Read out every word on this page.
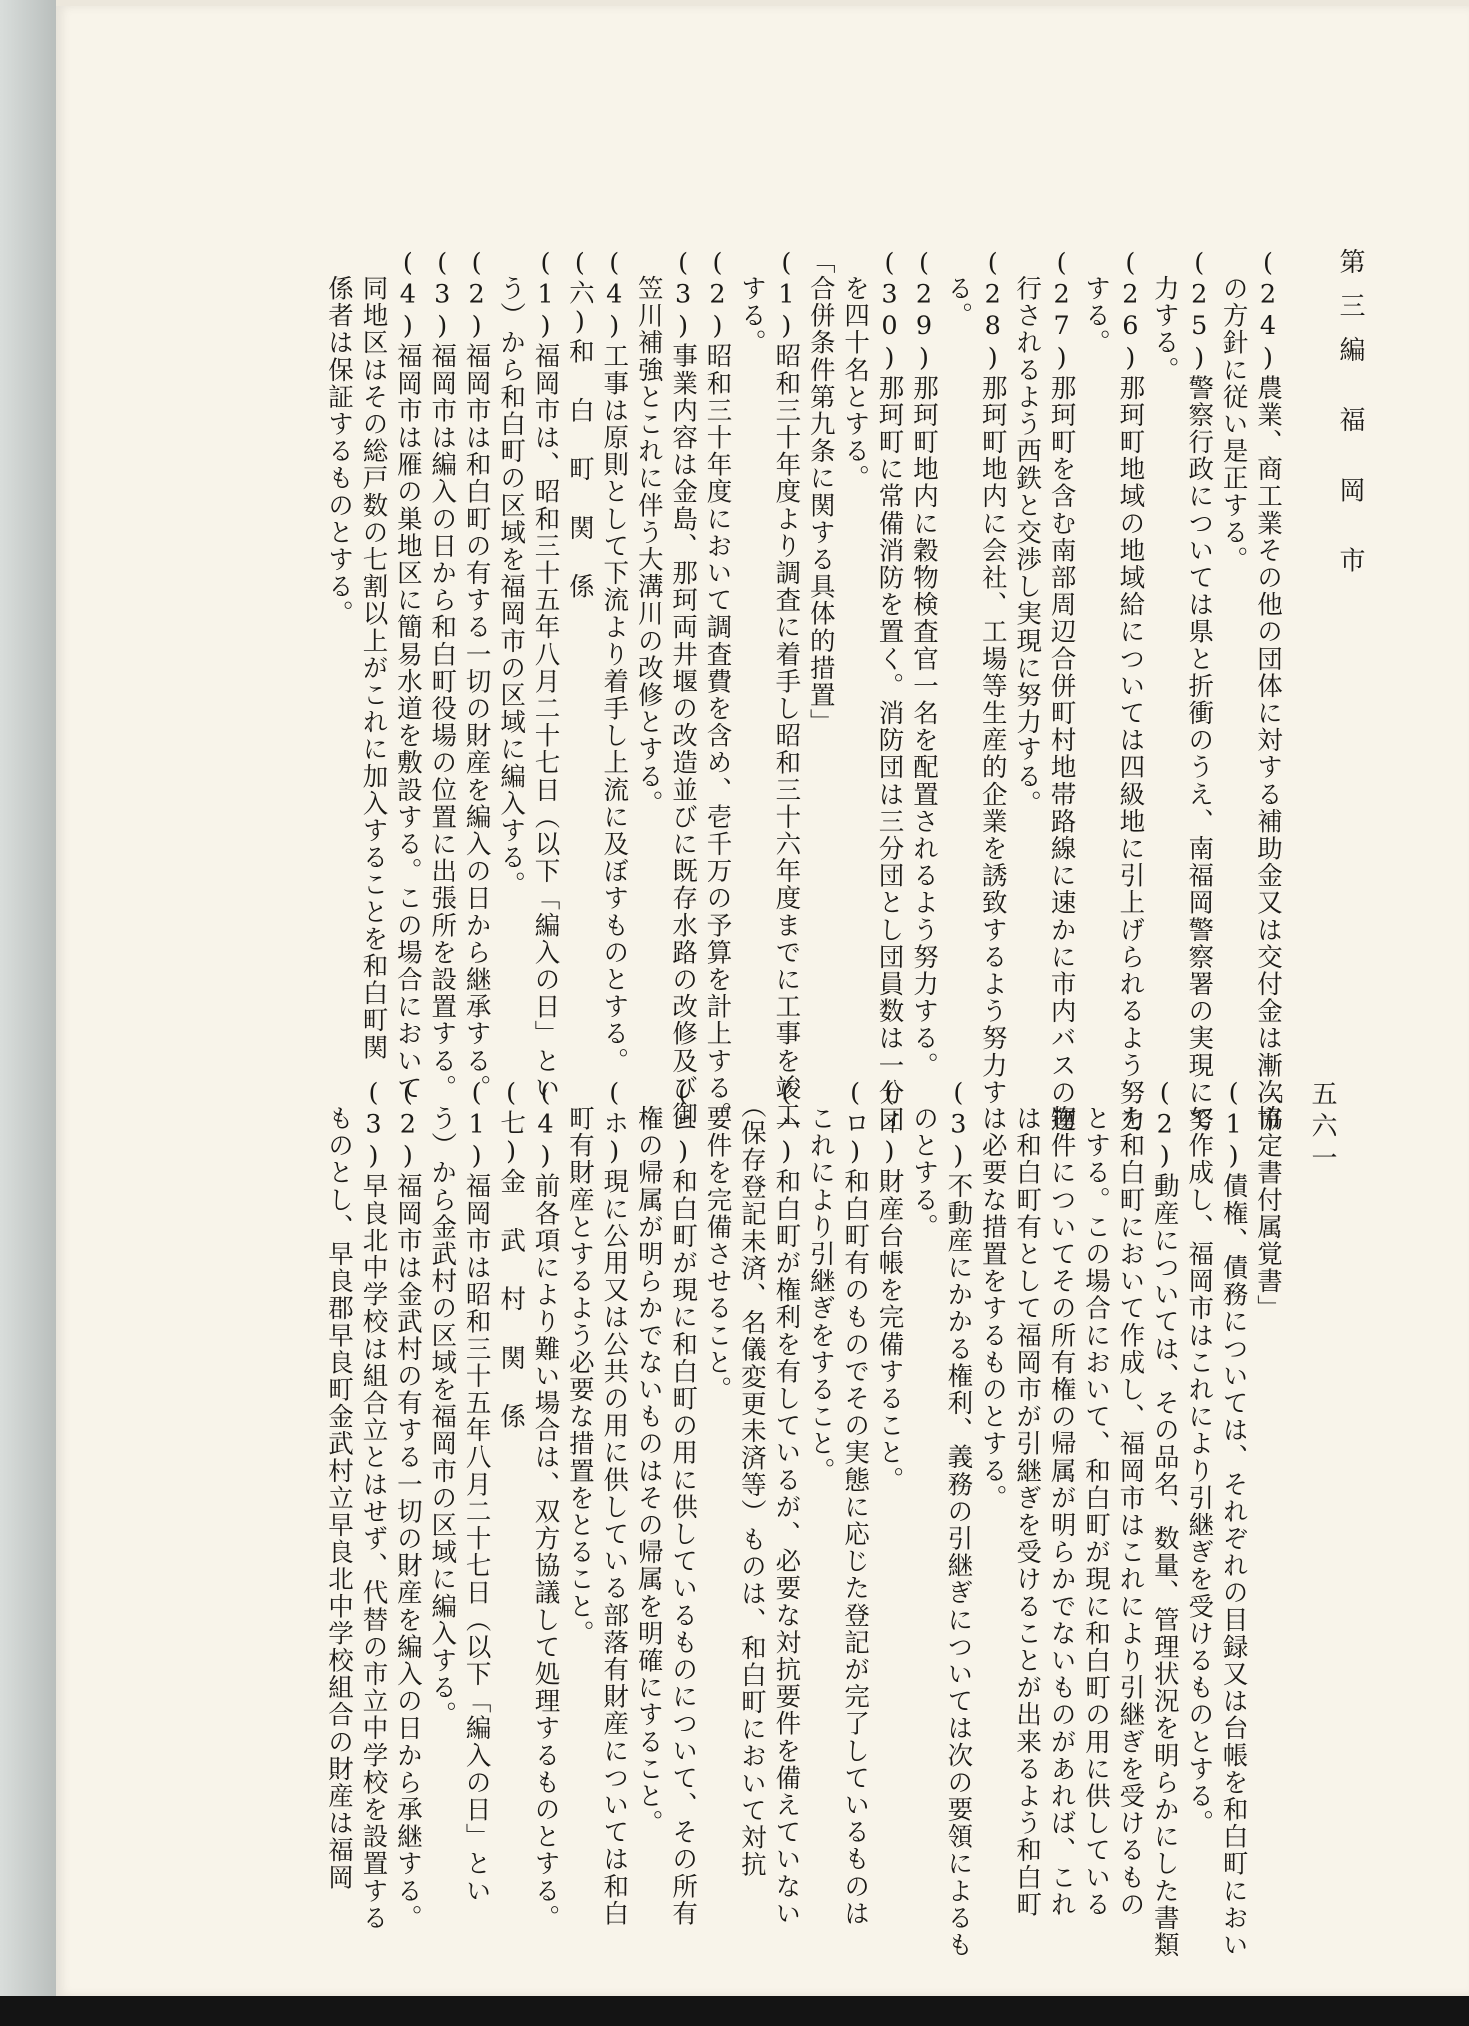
第三編 福 岡 市
五六一
(24)農業、商工業その他の団体に対する補助金又は交付金は漸次市
　の方針に従い是正する。
(25)警察行政については県と折衝のうえ、南福岡警察署の実現に努
　力する。
(26)那珂町地域の地域給については四級地に引上げられるよう努力
　する。
(27)那珂町を含む南部周辺合併町村地帯路線に速かに市内バスの運
　行されるよう西鉄と交渉し実現に努力する。
(28)那珂町地内に会社、工場等生産的企業を誘致するよう努力す
　る。
(29)那珂町地内に穀物検査官一名を配置されるよう努力する。
(30)那珂町に常備消防を置く。消防団は三分団とし団員数は一分団
　を四十名とする。
「合併条件第九条に関する具体的措置」
(1)昭和三十年度より調査に着手し昭和三十六年度までに工事を竣工
　する。
(2)昭和三十年度において調査費を含め、壱千万の予算を計上する。
(3)事業内容は金島、那珂両井堰の改造並びに既存水路の改修及び御
　笠川補強とこれに伴う大溝川の改修とする。
(4)工事は原則として下流より着手し上流に及ぼすものとする。
(六)和 白 町 関 係
(1)福岡市は、昭和三十五年八月二十七日（以下「編入の日」とい
　う）から和白町の区域を福岡市の区域に編入する。
(2)福岡市は和白町の有する一切の財産を編入の日から継承する。
(3)福岡市は編入の日から和白町役場の位置に出張所を設置する。
(4)福岡市は雁の巣地区に簡易水道を敷設する。この場合において
　同地区はその総戸数の七割以上がこれに加入することを和白町関
　係者は保証するものとする。
「協定書付属覚書」
(1)債権、債務については、それぞれの目録又は台帳を和白町におい
　て作成し、福岡市はこれにより引継ぎを受けるものとする。
(2)動産については、その品名、数量、管理状況を明らかにした書類
　を和白町において作成し、福岡市はこれにより引継ぎを受けるもの
　とする。この場合において、和白町が現に和白町の用に供している
　物件についてその所有権の帰属が明らかでないものがあれば、これ
　は和白町有として福岡市が引継ぎを受けることが出来るよう和白町
　は必要な措置をするものとする。
(3)不動産にかかる権利、義務の引継ぎについては次の要領によるも
　のとする。
(イ)財産台帳を完備すること。
(ロ)和白町有のものでその実態に応じた登記が完了しているものは
　これにより引継ぎをすること。
(ハ)和白町が権利を有しているが、必要な対抗要件を備えていない
　（保存登記未済、名儀変更未済等）ものは、和白町において対抗
　要件を完備させること。
(ニ)和白町が現に和白町の用に供しているものについて、その所有
　権の帰属が明らかでないものはその帰属を明確にすること。
(ホ)現に公用又は公共の用に供している部落有財産については和白
　町有財産とするよう必要な措置をとること。
(4)前各項により難い場合は、双方協議して処理するものとする。
(七)金 武 村 関 係
(1)福岡市は昭和三十五年八月二十七日（以下「編入の日」とい
　う）から金武村の区域を福岡市の区域に編入する。
(2)福岡市は金武村の有する一切の財産を編入の日から承継する。
(3)早良北中学校は組合立とはせず、代替の市立中学校を設置する
　ものとし、早良郡早良町金武村立早良北中学校組合の財産は福岡
